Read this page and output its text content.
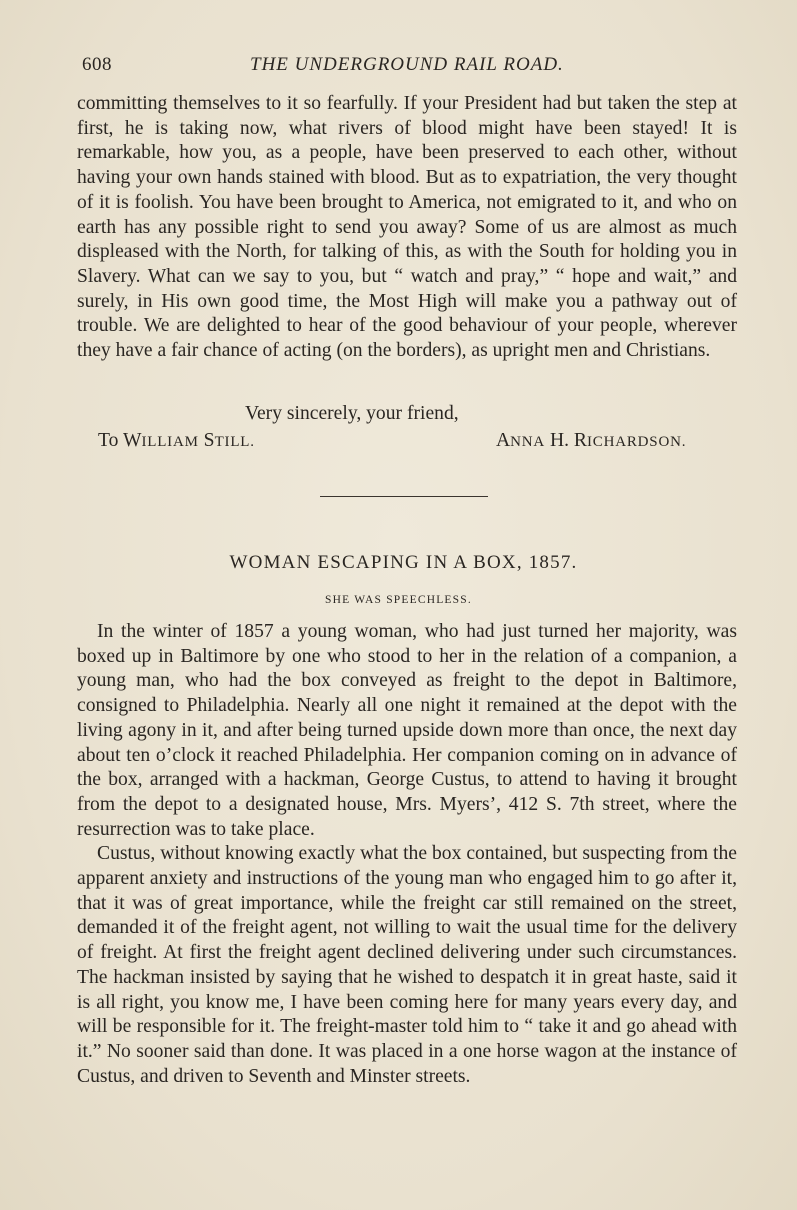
608	THE UNDERGROUND RAIL ROAD.

committing themselves to it so fearfully. If your President had but taken the step at first, he is taking now, what rivers of blood might have been stayed! It is remarkable, how you, as a people, have been preserved to each other, without having your own hands stained with blood. But as to expatriation, the very thought of it is foolish. You have been brought to America, not emigrated to it, and who on earth has any possible right to send you away? Some of us are almost as much displeased with the North, for talking of this, as with the South for holding you in Slavery. What can we say to you, but “ watch and pray,” “ hope and wait,” and surely, in His own good time, the Most High will make you a pathway out of trouble. We are delighted to hear of the good behaviour of your people, wherever they have a fair chance of acting (on the borders), as upright men and Christians.

Very sincerely, your friend,
To WILLIAM STILL.	ANNA H. RICHARDSON.
WOMAN ESCAPING IN A BOX, 1857.
SHE WAS SPEECHLESS.

In the winter of 1857 a young woman, who had just turned her majority, was boxed up in Baltimore by one who stood to her in the relation of a companion, a young man, who had the box conveyed as freight to the depot in Baltimore, consigned to Philadelphia. Nearly all one night it remained at the depot with the living agony in it, and after being turned upside down more than once, the next day about ten o’clock it reached Philadelphia. Her companion coming on in advance of the box, arranged with a hackman, George Custus, to attend to having it brought from the depot to a designated house, Mrs. Myers’, 412 S. 7th street, where the resurrection was to take place.

Custus, without knowing exactly what the box contained, but suspecting from the apparent anxiety and instructions of the young man who engaged him to go after it, that it was of great importance, while the freight car still remained on the street, demanded it of the freight agent, not willing to wait the usual time for the delivery of freight. At first the freight agent declined delivering under such circumstances. The hackman insisted by saying that he wished to despatch it in great haste, said it is all right, you know me, I have been coming here for many years every day, and will be responsible for it. The freight-master told him to “ take it and go ahead with it.” No sooner said than done. It was placed in a one horse wagon at the instance of Custus, and driven to Seventh and Minster streets.
